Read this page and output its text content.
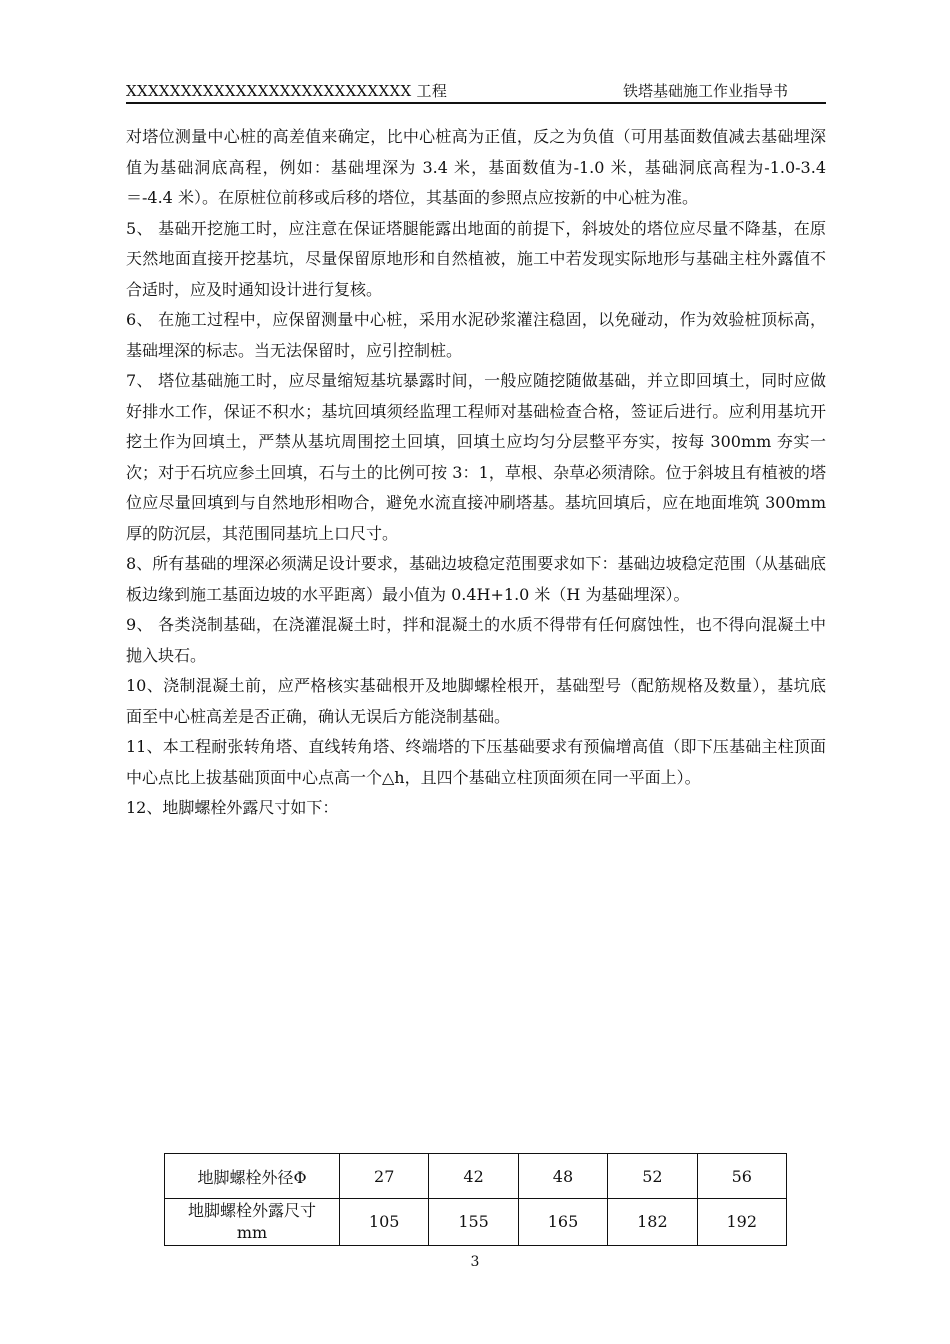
XXXXXXXXXXXXXXXXXXXXXXXXXX 工程	铁塔基础施工作业指导书

对塔位测量中心桩的高差值来确定，比中心桩高为正值，反之为负值（可用基面数值减去基础埋深值为基础洞底高程，例如：基础埋深为 3.4 米，基面数值为-1.0 米，基础洞底高程为-1.0-3.4＝-4.4 米）。在原桩位前移或后移的塔位，其基面的参照点应按新的中心桩为准。

5、 基础开挖施工时，应注意在保证塔腿能露出地面的前提下，斜坡处的塔位应尽量不降基，在原天然地面直接开挖基坑，尽量保留原地形和自然植被，施工中若发现实际地形与基础主柱外露值不合适时，应及时通知设计进行复核。

6、 在施工过程中，应保留测量中心桩，采用水泥砂浆灌注稳固，以免碰动，作为效验桩顶标高，基础埋深的标志。当无法保留时，应引控制桩。

7、 塔位基础施工时，应尽量缩短基坑暴露时间，一般应随挖随做基础，并立即回填土，同时应做好排水工作，保证不积水；基坑回填须经监理工程师对基础检查合格，签证后进行。应利用基坑开挖土作为回填土，严禁从基坑周围挖土回填，回填土应均匀分层整平夯实，按每 300mm 夯实一次；对于石坑应参土回填，石与土的比例可按 3：1，草根、杂草必须清除。位于斜坡且有植被的塔位应尽量回填到与自然地形相吻合，避免水流直接冲刷塔基。基坑回填后，应在地面堆筑 300mm 厚的防沉层，其范围同基坑上口尺寸。

8、所有基础的埋深必须满足设计要求，基础边坡稳定范围要求如下：基础边坡稳定范围（从基础底板边缘到施工基面边坡的水平距离）最小值为 0.4H+1.0 米（H 为基础埋深）。

9、 各类浇制基础，在浇灌混凝土时，拌和混凝土的水质不得带有任何腐蚀性，也不得向混凝土中抛入块石。

10、浇制混凝土前，应严格核实基础根开及地脚螺栓根开，基础型号（配筋规格及数量），基坑底面至中心桩高差是否正确，确认无误后方能浇制基础。

11、本工程耐张转角塔、直线转角塔、终端塔的下压基础要求有预偏增高值（即下压基础主柱顶面中心点比上拔基础顶面中心点高一个△h，且四个基础立柱顶面须在同一平面上）。

12、地脚螺栓外露尺寸如下：

地脚螺栓外径Φ	27	42	48	52	56
地脚螺栓外露尺寸
mm	105	155	165	182	192
3
